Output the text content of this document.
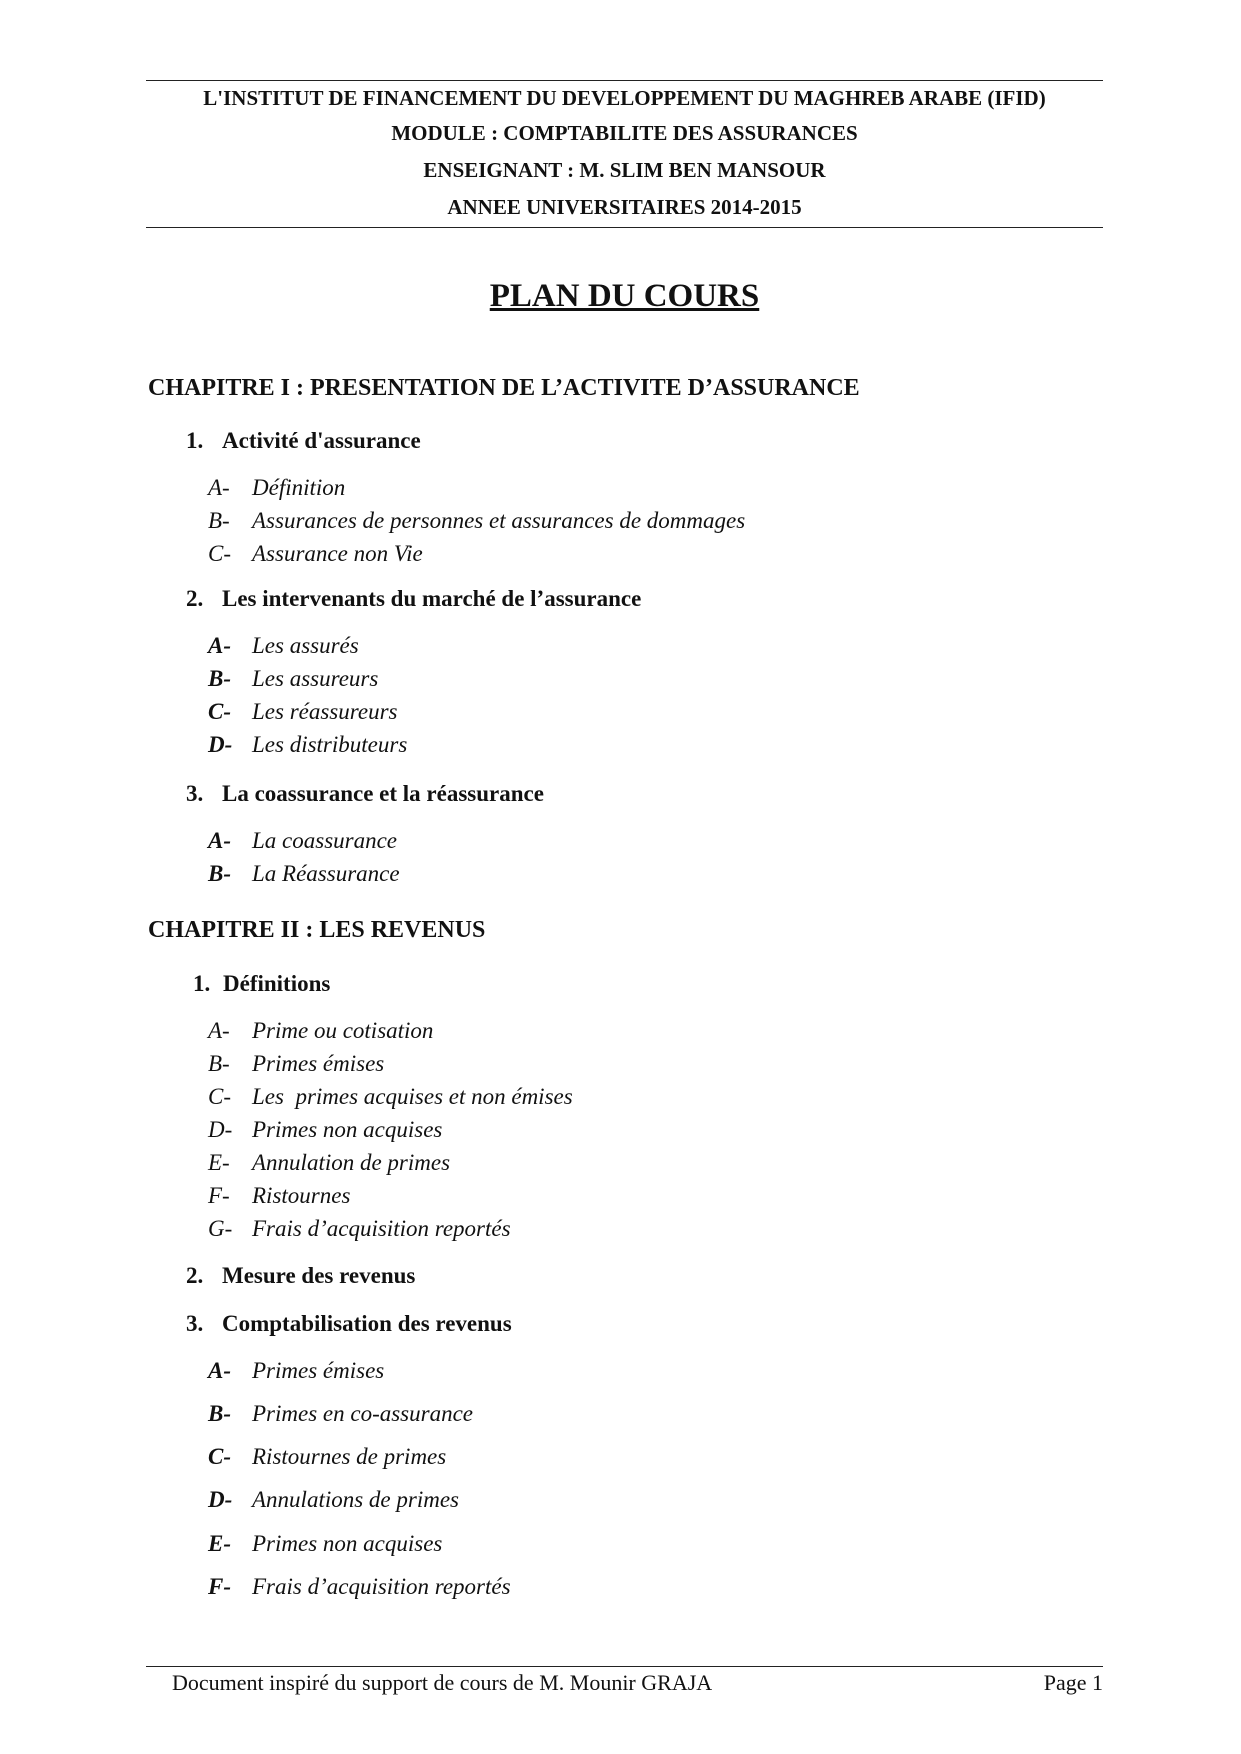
L'INSTITUT DE FINANCEMENT DU DEVELOPPEMENT DU MAGHREB ARABE (IFID)
MODULE : COMPTABILITE DES ASSURANCES
ENSEIGNANT : M. SLIM BEN MANSOUR
ANNEE UNIVERSITAIRES 2014-2015
PLAN DU COURS
CHAPITRE I : PRESENTATION DE L’ACTIVITE D’ASSURANCE
1. Activité d'assurance
A- Définition
B- Assurances de personnes et assurances de dommages
C- Assurance non Vie
2. Les intervenants du marché de l’assurance
A- Les assurés
B- Les assureurs
C- Les réassureurs
D- Les distributeurs
3. La coassurance et la réassurance
A- La coassurance
B- La Réassurance
CHAPITRE II : LES REVENUS
1. Définitions
A- Prime ou cotisation
B- Primes émises
C- Les  primes acquises et non émises
D- Primes non acquises
E- Annulation de primes
F- Ristournes
G- Frais d’acquisition reportés
2. Mesure des revenus
3. Comptabilisation des revenus
A- Primes émises
B- Primes en co-assurance
C- Ristournes de primes
D- Annulations de primes
E- Primes non acquises
F- Frais d’acquisition reportés
Document inspiré du support de cours de M. Mounir GRAJA	Page 1
